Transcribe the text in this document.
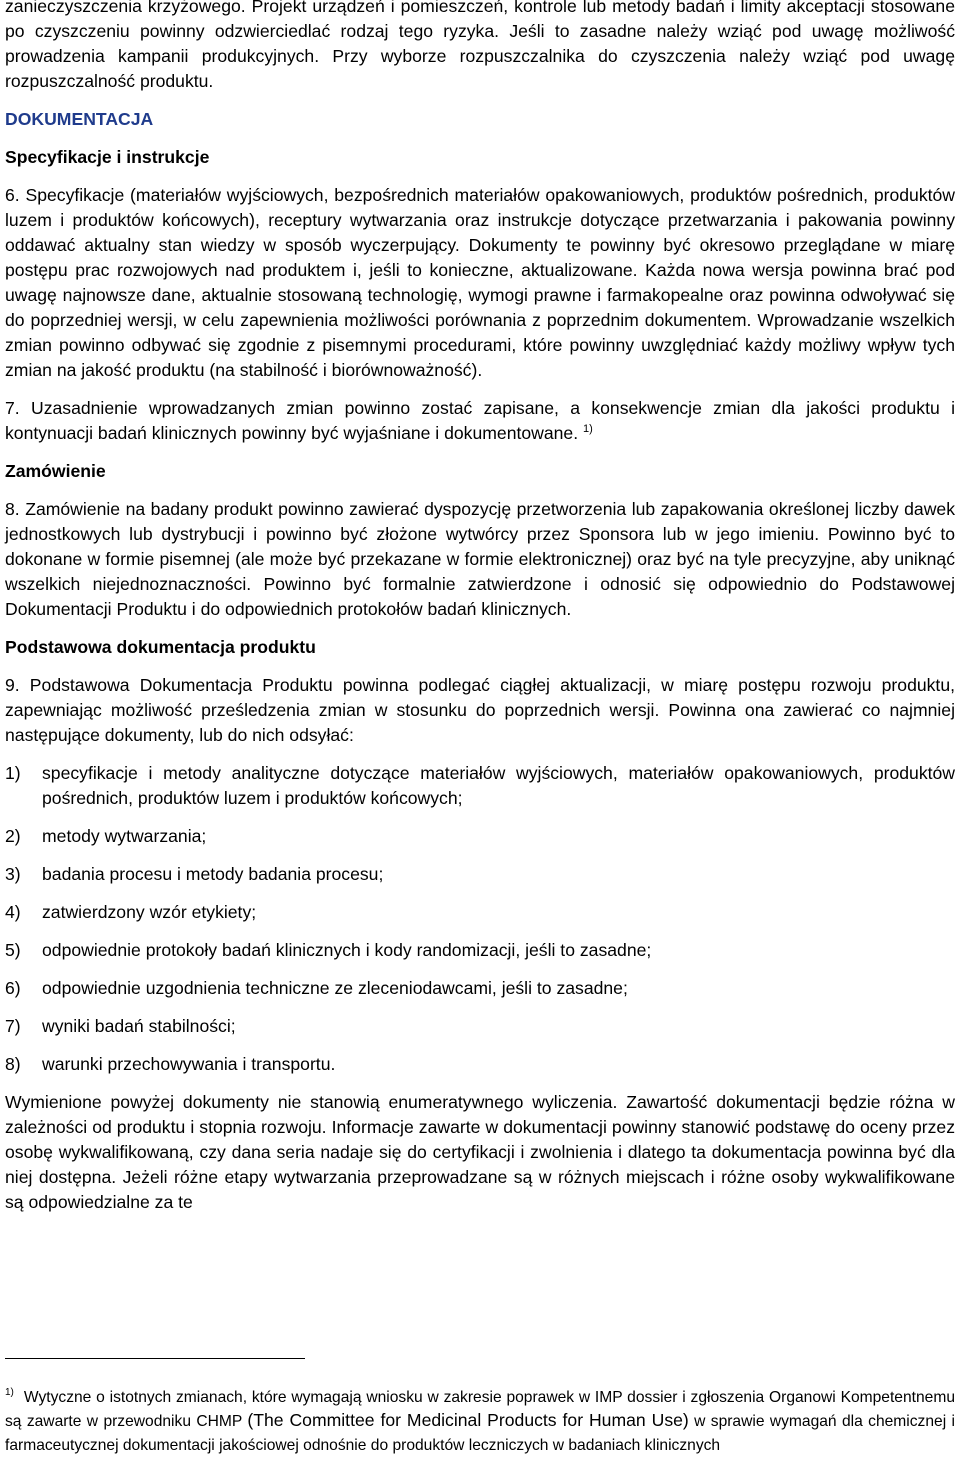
zanieczyszczenia krzyżowego. Projekt urządzeń i pomieszczeń, kontrole lub metody badań i limity akceptacji stosowane po czyszczeniu powinny odzwierciedlać rodzaj tego ryzyka. Jeśli to zasadne należy wziąć pod uwagę możliwość prowadzenia kampanii produkcyjnych. Przy wyborze rozpuszczalnika do czyszczenia należy wziąć pod uwagę rozpuszczalność produktu.

DOKUMENTACJA

Specyfikacje i instrukcje

6. Specyfikacje (materiałów wyjściowych, bezpośrednich materiałów opakowaniowych, produktów pośrednich, produktów luzem i produktów końcowych), receptury wytwarzania oraz instrukcje dotyczące przetwarzania i pakowania powinny oddawać aktualny stan wiedzy w sposób wyczerpujący. Dokumenty te powinny być okresowo przeglądane w miarę postępu prac rozwojowych nad produktem i, jeśli to konieczne, aktualizowane. Każda nowa wersja powinna brać pod uwagę najnowsze dane, aktualnie stosowaną technologię, wymogi prawne i farmakopealne oraz powinna odwoływać się do poprzedniej wersji, w celu zapewnienia możliwości porównania z poprzednim dokumentem. Wprowadzanie wszelkich zmian powinno odbywać się zgodnie z pisemnymi procedurami, które powinny uwzględniać każdy możliwy wpływ tych zmian na jakość produktu (na stabilność i biorównoważność).

7. Uzasadnienie wprowadzanych zmian powinno zostać zapisane, a konsekwencje zmian dla jakości produktu i kontynuacji badań klinicznych powinny być wyjaśniane i dokumentowane. $^{1)}$

Zamówienie

8. Zamówienie na badany produkt powinno zawierać dyspozycję przetworzenia lub zapakowania określonej liczby dawek jednostkowych lub dystrybucji i powinno być złożone wytwórcy przez Sponsora lub w jego imieniu. Powinno być to dokonane w formie pisemnej (ale może być przekazane w formie elektronicznej) oraz być na tyle precyzyjne, aby uniknąć wszelkich niejednoznaczności. Powinno być formalnie zatwierdzone i odnosić się odpowiednio do Podstawowej Dokumentacji Produktu i do odpowiednich protokołów badań klinicznych.

Podstawowa dokumentacja produktu

9. Podstawowa Dokumentacja Produktu powinna podlegać ciągłej aktualizacji, w miarę postępu rozwoju produktu, zapewniając możliwość prześledzenia zmian w stosunku do poprzednich wersji. Powinna ona zawierać co najmniej następujące dokumenty, lub do nich odsyłać:

1)	specyfikacje i metody analityczne dotyczące materiałów wyjściowych, materiałów opakowaniowych, produktów pośrednich, produktów luzem i produktów końcowych;
2)	metody wytwarzania;
3)	badania procesu i metody badania procesu;
4)	zatwierdzony wzór etykiety;
5)	odpowiednie protokoły badań klinicznych i kody randomizacji, jeśli to zasadne;
6)	odpowiednie uzgodnienia techniczne ze zleceniodawcami, jeśli to zasadne;
7)	wyniki badań stabilności;
8)	warunki przechowywania i transportu.

Wymienione powyżej dokumenty nie stanowią enumeratywnego wyliczenia. Zawartość dokumentacji będzie różna w zależności od produktu i stopnia rozwoju. Informacje zawarte w dokumentacji powinny stanowić podstawę do oceny przez osobę wykwalifikowaną, czy dana seria nadaje się do certyfikacji i zwolnienia i dlatego ta dokumentacja powinna być dla niej dostępna. Jeżeli różne etapy wytwarzania przeprowadzane są w różnych miejscach i różne osoby wykwalifikowane są odpowiedzialne za te

$^{1)}$ Wytyczne o istotnych zmianach, które wymagają wniosku w zakresie poprawek w IMP dossier i zgłoszenia Organowi Kompetentnemu są zawarte w przewodniku CHMP (The Committee for Medicinal Products for Human Use) w sprawie wymagań dla chemicznej i farmaceutycznej dokumentacji jakościowej odnośnie do produktów leczniczych w badaniach klinicznych
